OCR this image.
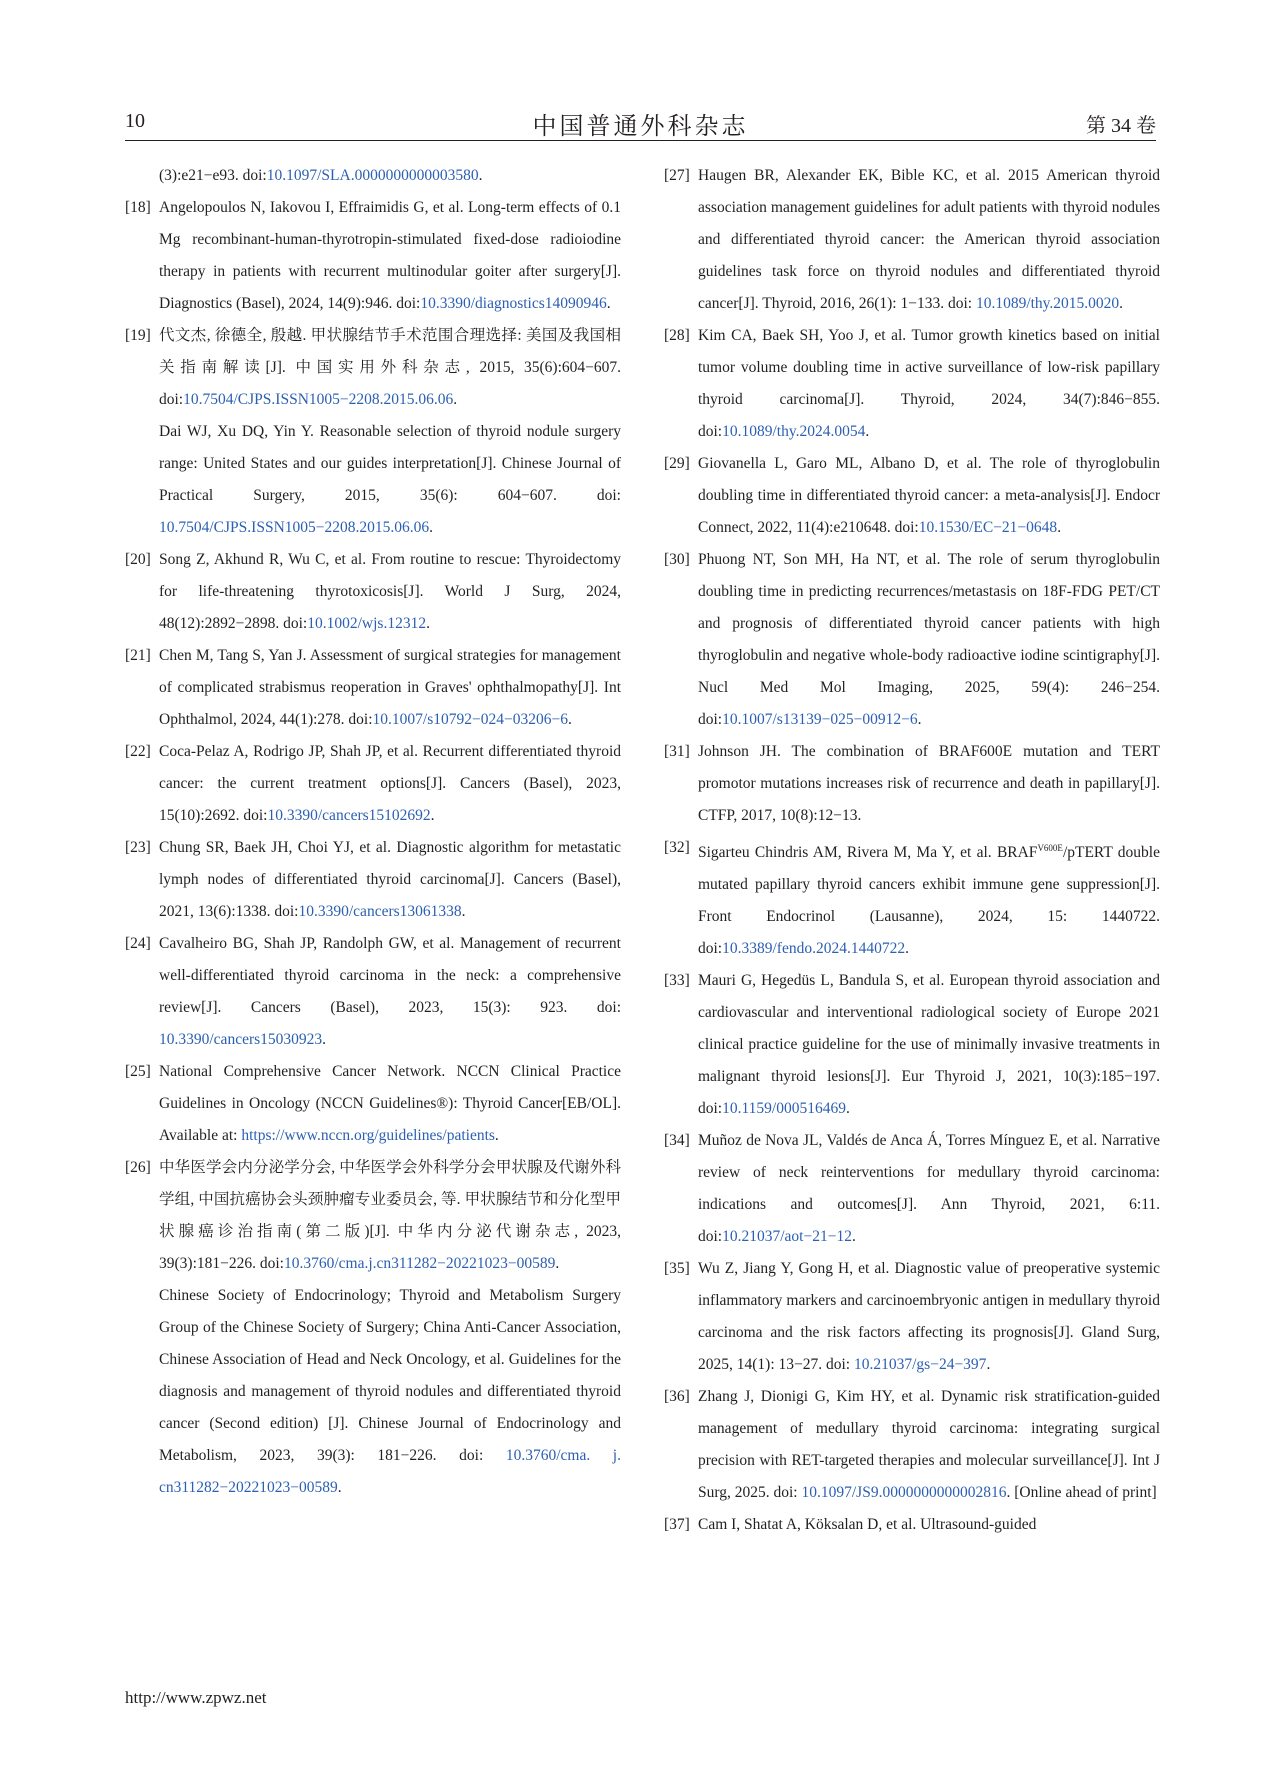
10	中国普通外科杂志	第 34 卷
(3):e21−e93. doi:10.1097/SLA.0000000000003580.
[18] Angelopoulos N, Iakovou I, Effraimidis G, et al. Long-term effects of 0.1 Mg recombinant-human-thyrotropin-stimulated fixed-dose radioiodine therapy in patients with recurrent multinodular goiter after surgery[J]. Diagnostics (Basel), 2024, 14(9):946. doi:10.3390/diagnostics14090946.
[19] 代文杰, 徐德全, 殷越. 甲状腺结节手术范围合理选择: 美国及我国相关指南解读[J]. 中国实用外科杂志, 2015, 35(6):604−607. doi:10.7504/CJPS.ISSN1005−2208.2015.06.06.
Dai WJ, Xu DQ, Yin Y. Reasonable selection of thyroid nodule surgery range: United States and our guides interpretation[J]. Chinese Journal of Practical Surgery, 2015, 35(6): 604−607. doi: 10.7504/CJPS.ISSN1005−2208.2015.06.06.
[20] Song Z, Akhund R, Wu C, et al. From routine to rescue: Thyroidectomy for life-threatening thyrotoxicosis[J]. World J Surg, 2024, 48(12):2892−2898. doi:10.1002/wjs.12312.
[21] Chen M, Tang S, Yan J. Assessment of surgical strategies for management of complicated strabismus reoperation in Graves' ophthalmopathy[J]. Int Ophthalmol, 2024, 44(1):278. doi:10.1007/s10792−024−03206−6.
[22] Coca-Pelaz A, Rodrigo JP, Shah JP, et al. Recurrent differentiated thyroid cancer: the current treatment options[J]. Cancers (Basel), 2023, 15(10):2692. doi:10.3390/cancers15102692.
[23] Chung SR, Baek JH, Choi YJ, et al. Diagnostic algorithm for metastatic lymph nodes of differentiated thyroid carcinoma[J]. Cancers (Basel), 2021, 13(6):1338. doi:10.3390/cancers13061338.
[24] Cavalheiro BG, Shah JP, Randolph GW, et al. Management of recurrent well-differentiated thyroid carcinoma in the neck: a comprehensive review[J]. Cancers (Basel), 2023, 15(3): 923. doi: 10.3390/cancers15030923.
[25] National Comprehensive Cancer Network. NCCN Clinical Practice Guidelines in Oncology (NCCN Guidelines®): Thyroid Cancer[EB/OL]. Available at: https://www.nccn.org/guidelines/patients.
[26] 中华医学会内分泌学分会, 中华医学会外科学分会甲状腺及代谢外科学组, 中国抗癌协会头颈肿瘤专业委员会, 等. 甲状腺结节和分化型甲状腺癌诊治指南(第二版)[J]. 中华内分泌代谢杂志, 2023, 39(3):181−226. doi:10.3760/cma.j.cn311282−20221023−00589.
Chinese Society of Endocrinology; Thyroid and Metabolism Surgery Group of the Chinese Society of Surgery; China Anti-Cancer Association, Chinese Association of Head and Neck Oncology, et al. Guidelines for the diagnosis and management of thyroid nodules and differentiated thyroid cancer (Second edition) [J]. Chinese Journal of Endocrinology and Metabolism, 2023, 39(3): 181−226. doi: 10.3760/cma. j. cn311282−20221023−00589.
[27] Haugen BR, Alexander EK, Bible KC, et al. 2015 American thyroid association management guidelines for adult patients with thyroid nodules and differentiated thyroid cancer: the American thyroid association guidelines task force on thyroid nodules and differentiated thyroid cancer[J]. Thyroid, 2016, 26(1): 1−133. doi: 10.1089/thy.2015.0020.
[28] Kim CA, Baek SH, Yoo J, et al. Tumor growth kinetics based on initial tumor volume doubling time in active surveillance of low-risk papillary thyroid carcinoma[J]. Thyroid, 2024, 34(7):846−855. doi:10.1089/thy.2024.0054.
[29] Giovanella L, Garo ML, Albano D, et al. The role of thyroglobulin doubling time in differentiated thyroid cancer: a meta-analysis[J]. Endocr Connect, 2022, 11(4):e210648. doi:10.1530/EC−21−0648.
[30] Phuong NT, Son MH, Ha NT, et al. The role of serum thyroglobulin doubling time in predicting recurrences/metastasis on 18F-FDG PET/CT and prognosis of differentiated thyroid cancer patients with high thyroglobulin and negative whole-body radioactive iodine scintigraphy[J]. Nucl Med Mol Imaging, 2025, 59(4): 246−254. doi:10.1007/s13139−025−00912−6.
[31] Johnson JH. The combination of BRAF600E mutation and TERT promotor mutations increases risk of recurrence and death in papillary[J]. CTFP, 2017, 10(8):12−13.
[32] Sigarteu Chindris AM, Rivera M, Ma Y, et al. $BRAF^{V600E}$/pTERT double mutated papillary thyroid cancers exhibit immune gene suppression[J]. Front Endocrinol (Lausanne), 2024, 15: 1440722. doi:10.3389/fendo.2024.1440722.
[33] Mauri G, Hegedüs L, Bandula S, et al. European thyroid association and cardiovascular and interventional radiological society of Europe 2021 clinical practice guideline for the use of minimally invasive treatments in malignant thyroid lesions[J]. Eur Thyroid J, 2021, 10(3):185−197. doi:10.1159/000516469.
[34] Muñoz de Nova JL, Valdés de Anca Á, Torres Mínguez E, et al. Narrative review of neck reinterventions for medullary thyroid carcinoma: indications and outcomes[J]. Ann Thyroid, 2021, 6:11. doi:10.21037/aot−21−12.
[35] Wu Z, Jiang Y, Gong H, et al. Diagnostic value of preoperative systemic inflammatory markers and carcinoembryonic antigen in medullary thyroid carcinoma and the risk factors affecting its prognosis[J]. Gland Surg, 2025, 14(1): 13−27. doi: 10.21037/gs−24−397.
[36] Zhang J, Dionigi G, Kim HY, et al. Dynamic risk stratification-guided management of medullary thyroid carcinoma: integrating surgical precision with RET-targeted therapies and molecular surveillance[J]. Int J Surg, 2025. doi: 10.1097/JS9.0000000000002816. [Online ahead of print]
[37] Cam I, Shatat A, Köksalan D, et al. Ultrasound-guided
http://www.zpwz.net
